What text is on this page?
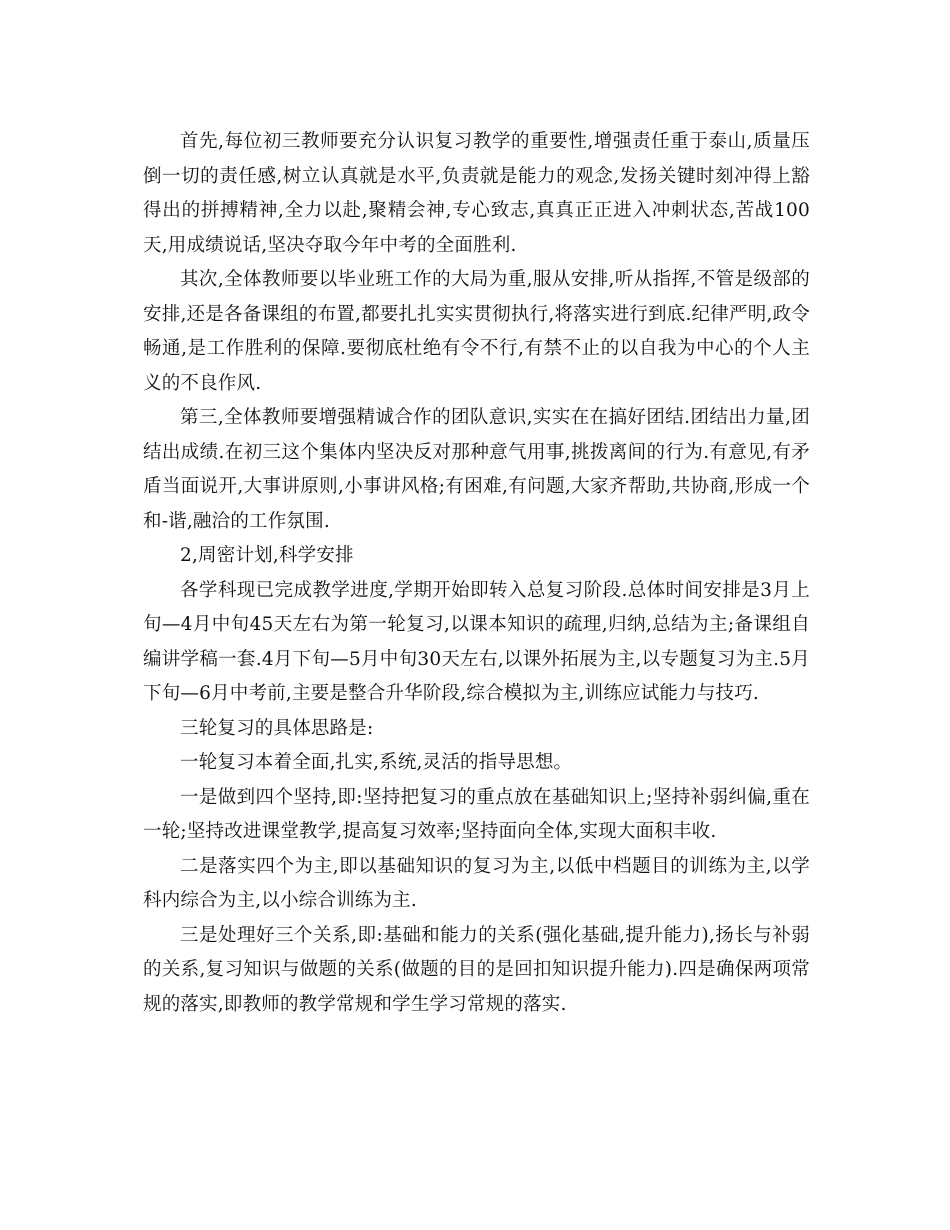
首先,每位初三教师要充分认识复习教学的重要性,增强责任重于泰山,质量压倒一切的责任感,树立认真就是水平,负责就是能力的观念,发扬关键时刻冲得上豁得出的拼搏精神,全力以赴,聚精会神,专心致志,真真正正进入冲刺状态,苦战100天,用成绩说话,坚决夺取今年中考的全面胜利.

其次,全体教师要以毕业班工作的大局为重,服从安排,听从指挥,不管是级部的安排,还是各备课组的布置,都要扎扎实实贯彻执行,将落实进行到底.纪律严明,政令畅通,是工作胜利的保障.要彻底杜绝有令不行,有禁不止的以自我为中心的个人主义的不良作风.

第三,全体教师要增强精诚合作的团队意识,实实在在搞好团结.团结出力量,团结出成绩.在初三这个集体内坚决反对那种意气用事,挑拨离间的行为.有意见,有矛盾当面说开,大事讲原则,小事讲风格;有困难,有问题,大家齐帮助,共协商,形成一个和-谐,融洽的工作氛围.

2,周密计划,科学安排

各学科现已完成教学进度,学期开始即转入总复习阶段.总体时间安排是3月上旬—4月中旬45天左右为第一轮复习,以课本知识的疏理,归纳,总结为主;备课组自编讲学稿一套.4月下旬—5月中旬30天左右,以课外拓展为主,以专题复习为主.5月下旬—6月中考前,主要是整合升华阶段,综合模拟为主,训练应试能力与技巧.

三轮复习的具体思路是:

一轮复习本着全面,扎实,系统,灵活的指导思想。

一是做到四个坚持,即:坚持把复习的重点放在基础知识上;坚持补弱纠偏,重在一轮;坚持改进课堂教学,提高复习效率;坚持面向全体,实现大面积丰收.

二是落实四个为主,即以基础知识的复习为主,以低中档题目的训练为主,以学科内综合为主,以小综合训练为主.

三是处理好三个关系,即:基础和能力的关系(强化基础,提升能力),扬长与补弱的关系,复习知识与做题的关系(做题的目的是回扣知识提升能力).四是确保两项常规的落实,即教师的教学常规和学生学习常规的落实.
